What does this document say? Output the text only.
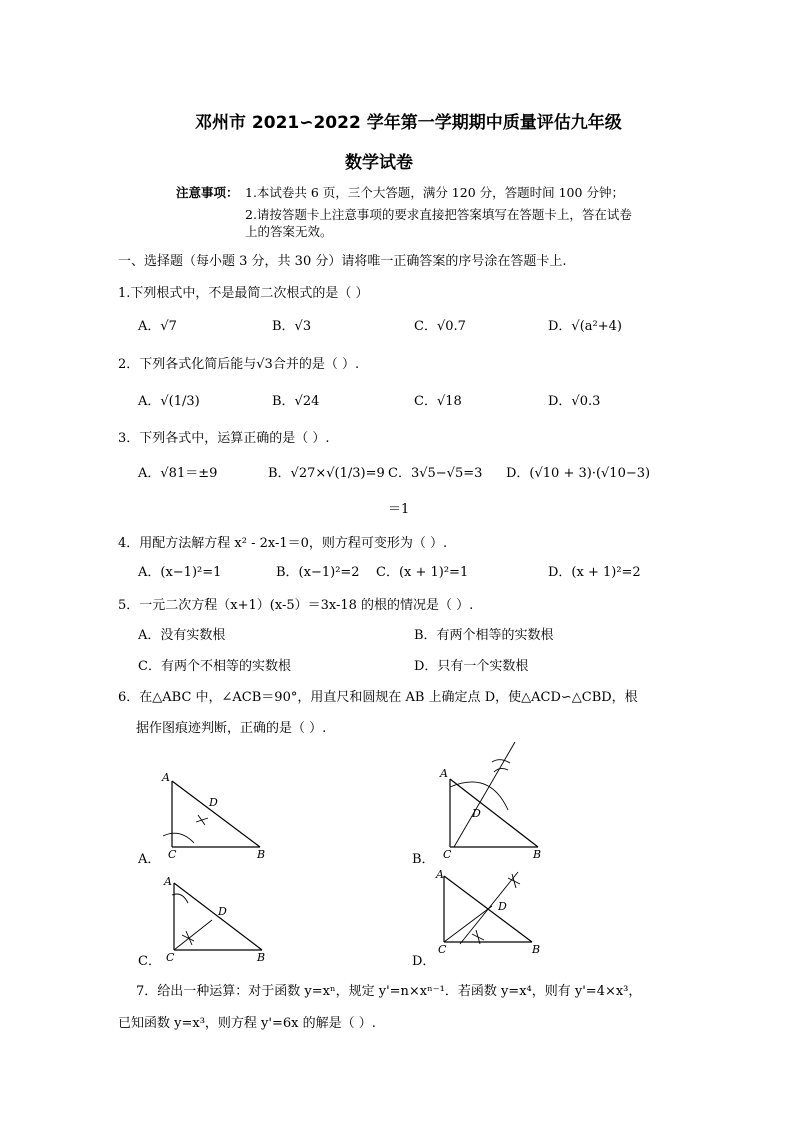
邓州市 2021∽2022 学年第一学期期中质量评估九年级
数学试卷
注意事项： 1.本试卷共 6 页，三个大答题，满分 120 分，答题时间 100 分钟；
2.请按答题卡上注意事项的要求直接把答案填写在答题卡上，答在试卷
上的答案无效。
一、选择题（每小题 3 分，共 30 分）请将唯一正确答案的序号涂在答题卡上.
1.下列根式中，不是最简二次根式的是（ ）
A．√7	B．√3	C．√0.7	D．√(a²+4)
2．下列各式化简后能与√3合并的是（ ）.
A．√(1/3)	B．√24	C．√18	D．√0.3
3．下列各式中，运算正确的是（ ）.
A．√81＝±9	B．√27×√(1/3)=9 C．3√5−√5=3 D．(√10 + 3)·(√10−3)
＝1
4．用配方法解方程 x² - 2x-1＝0，则方程可变形为（ ）.
A．(x−1)²=1	B．(x−1)²=2 C．(x + 1)²=1	D．(x + 1)²=2
5．一元二次方程（x+1）(x-5）＝3x-18 的根的情况是（ ）.
A．没有实数根	B．有两个相等的实数根
C．有两个不相等的实数根	D．只有一个实数根
6．在△ABC 中，∠ACB＝90°，用直尺和圆规在 AB 上确定点 D，使△ACD∽△CBD，根
据作图痕迹判断，正确的是（ ）.
A．
A
D
C	B	B．
A
D
C	B
C．
A
D
C	B	D．
A
D
C	B
7．给出一种运算：对于函数 y=xⁿ，规定 y'=n×xⁿ⁻¹．若函数 y=x⁴，则有 y'=4×x³，
已知函数 y=x³，则方程 y'=6x 的解是（ ）.
